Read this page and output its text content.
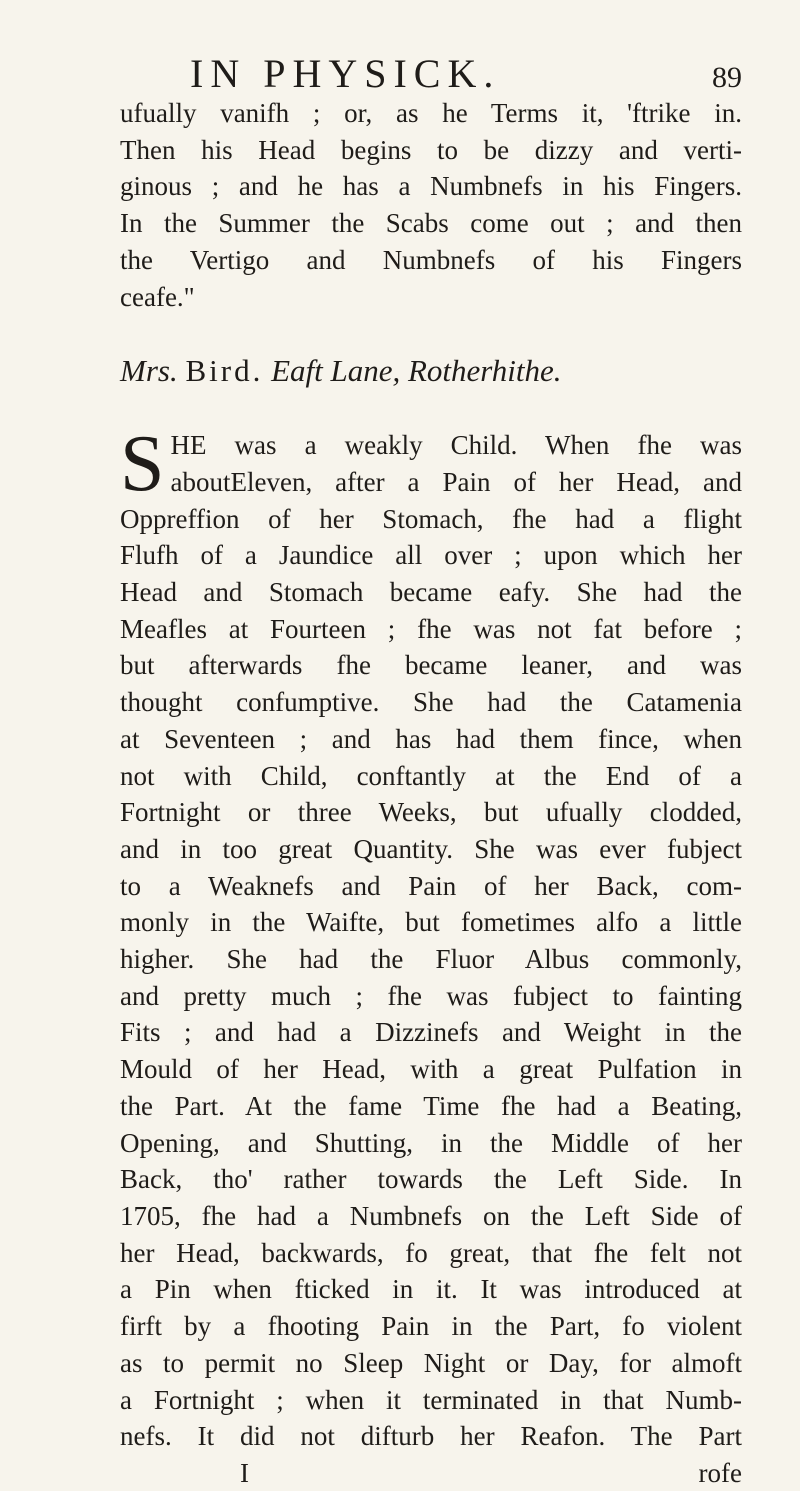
IN PHYSICK.	89
ufually vanifh ; or, as he Terms it, 'ftrike in.
Then his Head begins to be dizzy and verti-
ginous ; and he has a Numbnefs in his Fingers.
In the Summer the Scabs come out ; and then
the Vertigo and Numbnefs of his Fingers
ceafe."
Mrs. Bird. Eaft Lane, Rotherhithe.
S HE was a weakly Child. When fhe was
aboutEleven, after a Pain of her Head, and
Oppreffion of her Stomach, fhe had a flight
Flufh of a Jaundice all over ; upon which her
Head and Stomach became eafy. She had the
Meafles at Fourteen ; fhe was not fat before ;
but afterwards fhe became leaner, and was
thought confumptive. She had the Catamenia
at Seventeen ; and has had them fince, when
not with Child, conftantly at the End of a
Fortnight or three Weeks, but ufually clodded,
and in too great Quantity. She was ever fubject
to a Weaknefs and Pain of her Back, com-
monly in the Waifte, but fometimes alfo a little
higher. She had the Fluor Albus commonly,
and pretty much ; fhe was fubject to fainting
Fits ; and had a Dizzinefs and Weight in the
Mould of her Head, with a great Pulfation in
the Part. At the fame Time fhe had a Beating,
Opening, and Shutting, in the Middle of her
Back, tho' rather towards the Left Side. In
1705, fhe had a Numbnefs on the Left Side of
her Head, backwards, fo great, that fhe felt not
a Pin when fticked in it. It was introduced at
firft by a fhooting Pain in the Part, fo violent
as to permit no Sleep Night or Day, for almoft
a Fortnight ; when it terminated in that Numb-
nefs. It did not difturb her Reafon. The Part
I	rofe
